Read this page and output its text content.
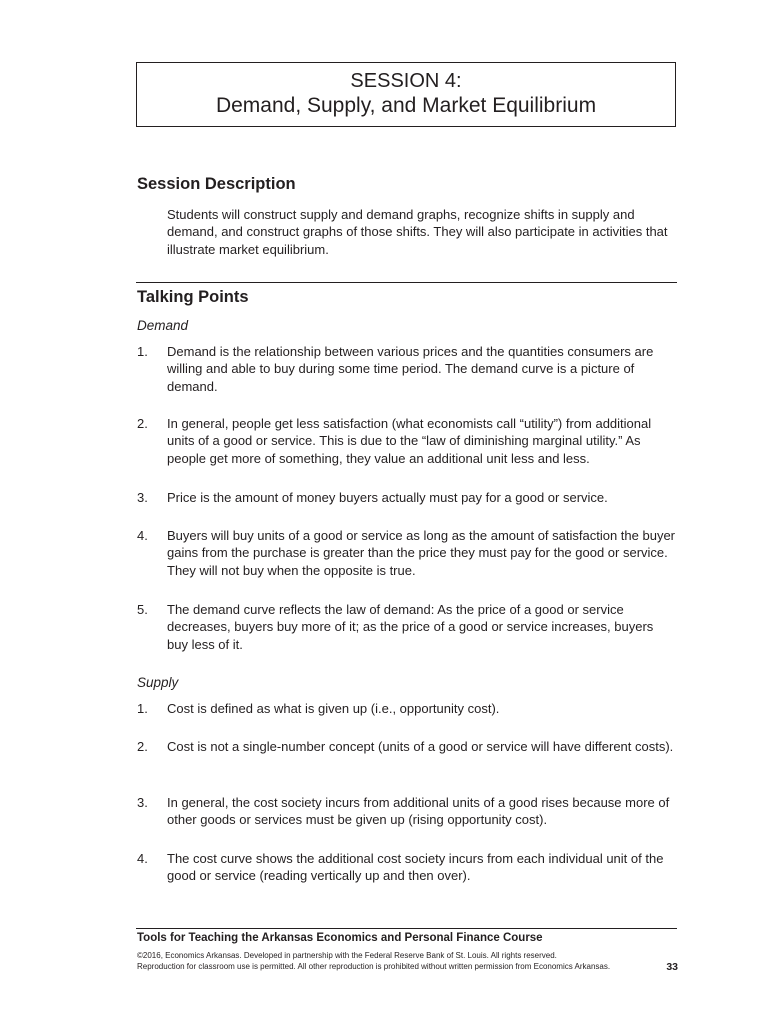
SESSION 4:
Demand, Supply, and Market Equilibrium
Session Description
Students will construct supply and demand graphs, recognize shifts in supply and demand, and construct graphs of those shifts. They will also participate in activities that illustrate market equilibrium.
Talking Points
Demand
1.	Demand is the relationship between various prices and the quantities consumers are willing and able to buy during some time period. The demand curve is a picture of demand.
2.	In general, people get less satisfaction (what economists call “utility”) from additional units of a good or service. This is due to the “law of diminishing marginal utility.” As people get more of something, they value an additional unit less and less.
3.	Price is the amount of money buyers actually must pay for a good or service.
4.	Buyers will buy units of a good or service as long as the amount of satisfaction the buyer gains from the purchase is greater than the price they must pay for the good or service. They will not buy when the opposite is true.
5.	The demand curve reflects the law of demand: As the price of a good or service decreases, buyers buy more of it; as the price of a good or service increases, buyers buy less of it.
Supply
1.	Cost is defined as what is given up (i.e., opportunity cost).
2.	Cost is not a single-number concept (units of a good or service will have different costs).
3.	In general, the cost society incurs from additional units of a good rises because more of other goods or services must be given up (rising opportunity cost).
4.	The cost curve shows the additional cost society incurs from each individual unit of the good or service (reading vertically up and then over).
Tools for Teaching the Arkansas Economics and Personal Finance Course
©2016, Economics Arkansas. Developed in partnership with the Federal Reserve Bank of St. Louis. All rights reserved.
Reproduction for classroom use is permitted. All other reproduction is prohibited without written permission from Economics Arkansas.	33
